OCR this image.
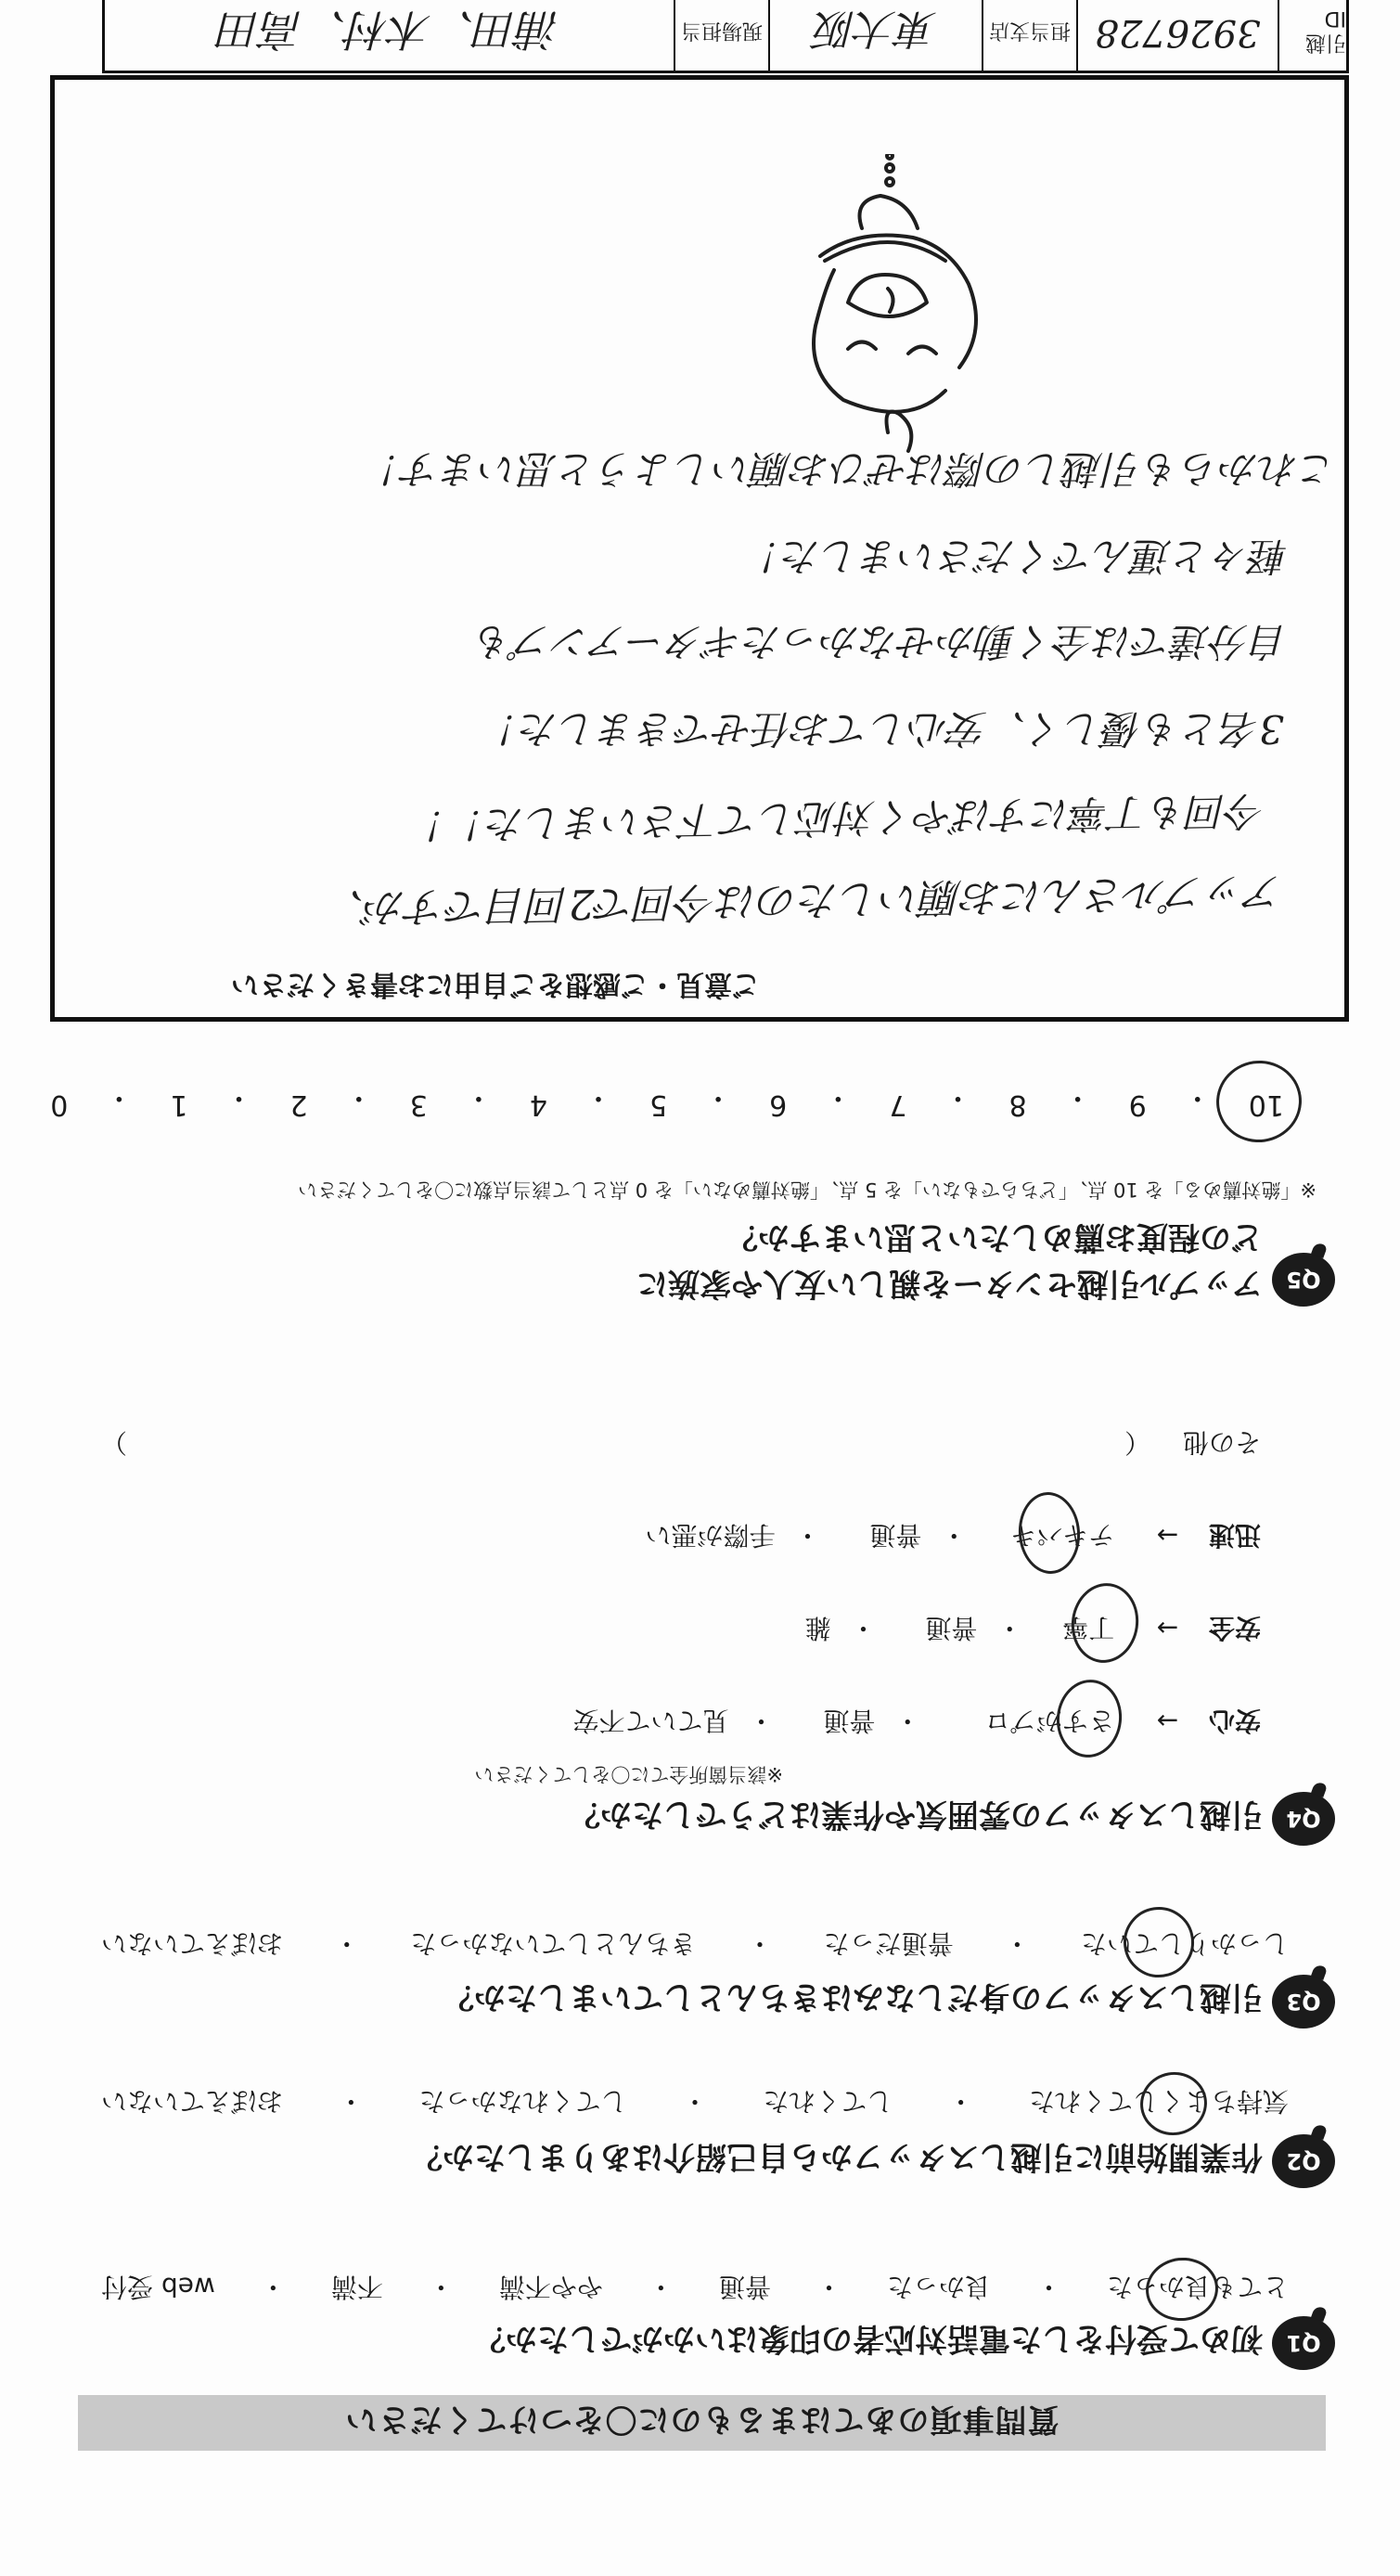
質問事項のあてはまるものに〇をつけてください
Q1
初めて受付をした電話対応者の印象はいかがでしたか？
とても良かった
・
良かった
・
普通
・
やや不満
・
不満
・
web 受付
Q2
作業開始前に引越しスタッフから自己紹介はありましたか？
気持ちよくしてくれた
・
してくれた
・
してくれなかった
・
おぼえていない
Q3
引越しスタッフの身だしなみはきちんとしていましたか？
しっかりしていた
・
普通だった
・
きちんとしていなかった
・
おぼえていない
Q4
引越しスタッフの雰囲気や作業はどうでしたか？
※該当箇所全てに〇をしてください
安心 → さすがプロ ・ 普通 ・ 見ていて不安
安全 → 丁寧 ・ 普通 ・ 雑
迅速 → テキパキ ・ 普通 ・ 手際が悪い
その他 （
）
Q5
アップル引越センターを親しい友人や家族に
どの程度お薦めしたいと思いますか？
※「絶対薦める」を 10 点、「どちらでもない」を 5 点、「絶対薦めない」を 0 点として該当点数に〇をしてください
10
・
9
・
8
・
7
・
6
・
5
・
4
・
3
・
2
・
1
・
0
ご意見・ご感想をご自由にお書きください
アップルさんにお願いしたのは今回で2回目ですが、
今回も丁寧にすばやく対応して下さいました！！
3名とも優しく、安心してお任せできました！
自分達では全く動かせなかったギターアンプも
軽々と運んでくださいました！
これからも引越しの際はぜひお願いしようと思います！
引越 ID
3926728
担当支店
東大阪
現場担当
浦田、木村、高田
